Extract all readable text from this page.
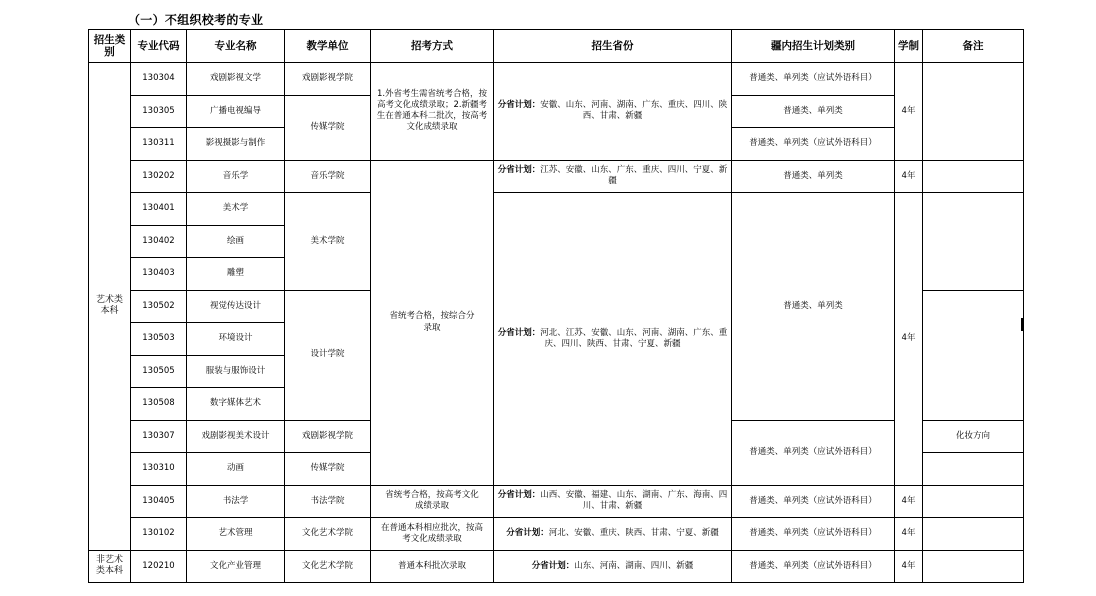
（一）不组织校考的专业
招生类别	专业代码	专业名称	教学单位	招考方式	招生省份	疆内招生计划类别	学制	备注
艺术类本科	130304	戏剧影视文学	戏剧影视学院	1.外省考生需省统考合格，按高考文化成绩录取；2.新疆考生在普通本科二批次，按高考文化成绩录取	分省计划：安徽、山东、河南、湖南、广东、重庆、四川、陕西、甘肃、新疆	普通类、单列类（应试外语科目）	4年	
	130305	广播电视编导	传媒学院			普通类、单列类		
	130311	影视摄影与制作				普通类、单列类（应试外语科目）		
	130202	音乐学	音乐学院	省统考合格，按综合分录取	分省计划：江苏、安徽、山东、广东、重庆、四川、宁夏、新疆	普通类、单列类	4年	
	130401	美术学	美术学院		分省计划：河北、江苏、安徽、山东、河南、湖南、广东、重庆、四川、陕西、甘肃、宁夏、新疆	普通类、单列类	4年	
	130402	绘画						
	130403	雕塑						
	130502	视觉传达设计	设计学院					
	130503	环境设计						
	130505	服装与服饰设计						
	130508	数字媒体艺术						
	130307	戏剧影视美术设计	戏剧影视学院			普通类、单列类（应试外语科目）		化妆方向
	130310	动画	传媒学院					
	130405	书法学	书法学院	省统考合格，按高考文化成绩录取	分省计划：山西、安徽、福建、山东、湖南、广东、海南、四川、甘肃、新疆	普通类、单列类（应试外语科目）	4年	
	130102	艺术管理	文化艺术学院	在普通本科相应批次，按高考文化成绩录取	分省计划：河北、安徽、重庆、陕西、甘肃、宁夏、新疆	普通类、单列类（应试外语科目）	4年	
非艺术类本科	120210	文化产业管理	文化艺术学院	普通本科批次录取	分省计划：山东、河南、湖南、四川、新疆	普通类、单列类（应试外语科目）	4年	
